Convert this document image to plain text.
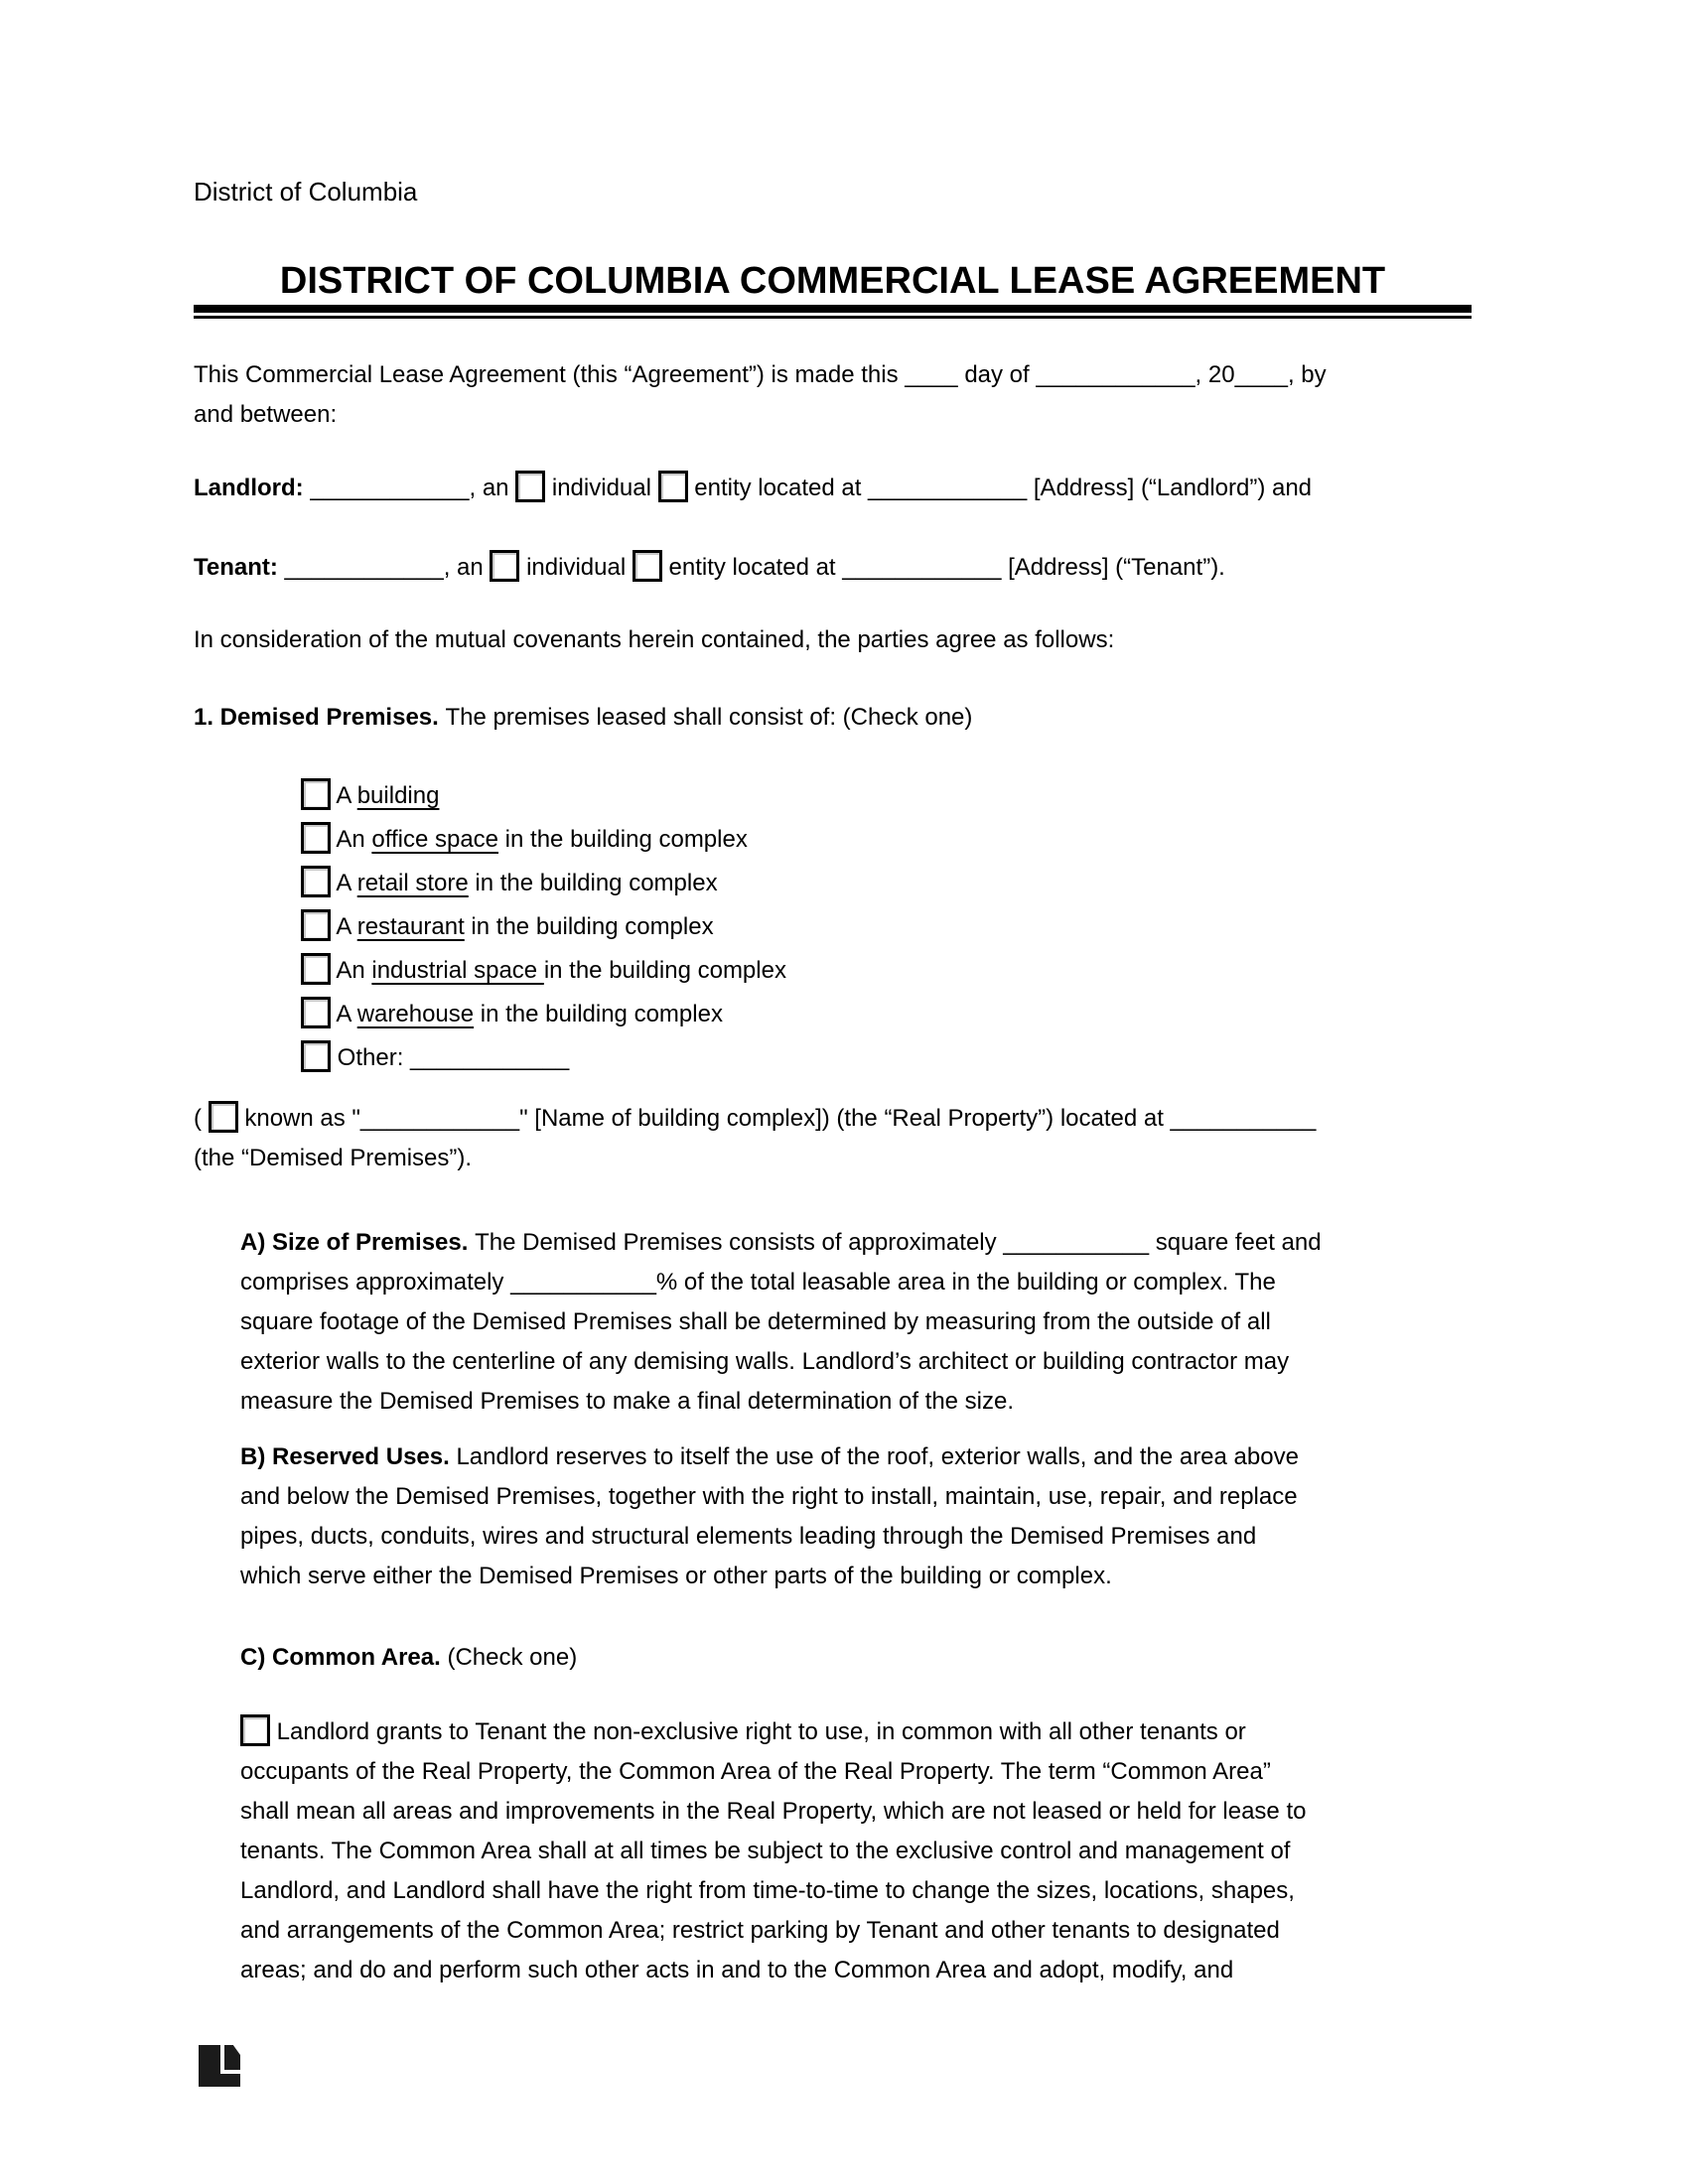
District of Columbia
DISTRICT OF COLUMBIA COMMERCIAL LEASE AGREEMENT
This Commercial Lease Agreement (this “Agreement”) is made this ____ day of ____________, 20____, by
and between:
Landlord: ____________, an  individual  entity located at ____________ [Address] (“Landlord”) and
Tenant: ____________, an  individual  entity located at ____________ [Address] (“Tenant”).
In consideration of the mutual covenants herein contained, the parties agree as follows:
1. Demised Premises. The premises leased shall consist of: (Check one)
A building
An office space in the building complex
A retail store in the building complex
A restaurant in the building complex
An industrial space in the building complex
A warehouse in the building complex
Other: ____________
(  known as "____________" [Name of building complex]) (the “Real Property”) located at ___________
(the “Demised Premises”).
A) Size of Premises. The Demised Premises consists of approximately ___________ square feet and
comprises approximately ___________% of the total leasable area in the building or complex. The
square footage of the Demised Premises shall be determined by measuring from the outside of all
exterior walls to the centerline of any demising walls. Landlord’s architect or building contractor may
measure the Demised Premises to make a final determination of the size.
B) Reserved Uses. Landlord reserves to itself the use of the roof, exterior walls, and the area above
and below the Demised Premises, together with the right to install, maintain, use, repair, and replace
pipes, ducts, conduits, wires and structural elements leading through the Demised Premises and
which serve either the Demised Premises or other parts of the building or complex.
C) Common Area. (Check one)
Landlord grants to Tenant the non-exclusive right to use, in common with all other tenants or
occupants of the Real Property, the Common Area of the Real Property. The term “Common Area”
shall mean all areas and improvements in the Real Property, which are not leased or held for lease to
tenants. The Common Area shall at all times be subject to the exclusive control and management of
Landlord, and Landlord shall have the right from time-to-time to change the sizes, locations, shapes,
and arrangements of the Common Area; restrict parking by Tenant and other tenants to designated
areas; and do and perform such other acts in and to the Common Area and adopt, modify, and
